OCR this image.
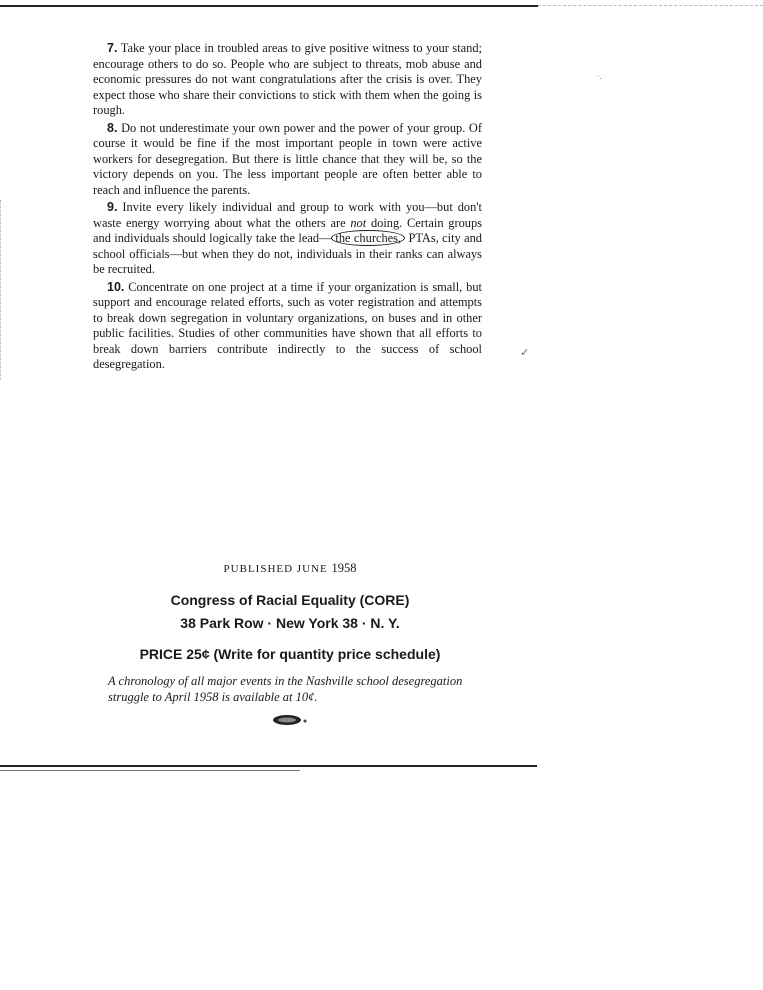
·.
✓

7. Take your place in troubled areas to give positive witness to your stand; encourage others to do so. People who are subject to threats, mob abuse and economic pressures do not want congratulations after the crisis is over. They expect those who share their convictions to stick with them when the going is rough.

8. Do not underestimate your own power and the power of your group. Of course it would be fine if the most important people in town were active workers for desegregation. But there is little chance that they will be, so the victory depends on you. The less important people are often better able to reach and influence the parents.

9. Invite every likely individual and group to work with you—but don't waste energy worrying about what the others are not doing. Certain groups and individuals should logically take the lead— the churches, PTAs, city and school officials—but when they do not, individuals in their ranks can always be recruited.

10. Concentrate on one project at a time if your organization is small, but support and encourage related efforts, such as voter registration and attempts to break down segregation in voluntary organizations, on buses and in other public facilities. Studies of other communities have shown that all efforts to break down barriers contribute indirectly to the success of school desegregation.

PUBLISHED JUNE 1958
Congress of Racial Equality (CORE)
38 Park Row · New York 38 · N. Y.
PRICE 25¢ (Write for quantity price schedule)

A chronology of all major events in the Nashville school desegregation struggle to April 1958 is available at 10¢.
